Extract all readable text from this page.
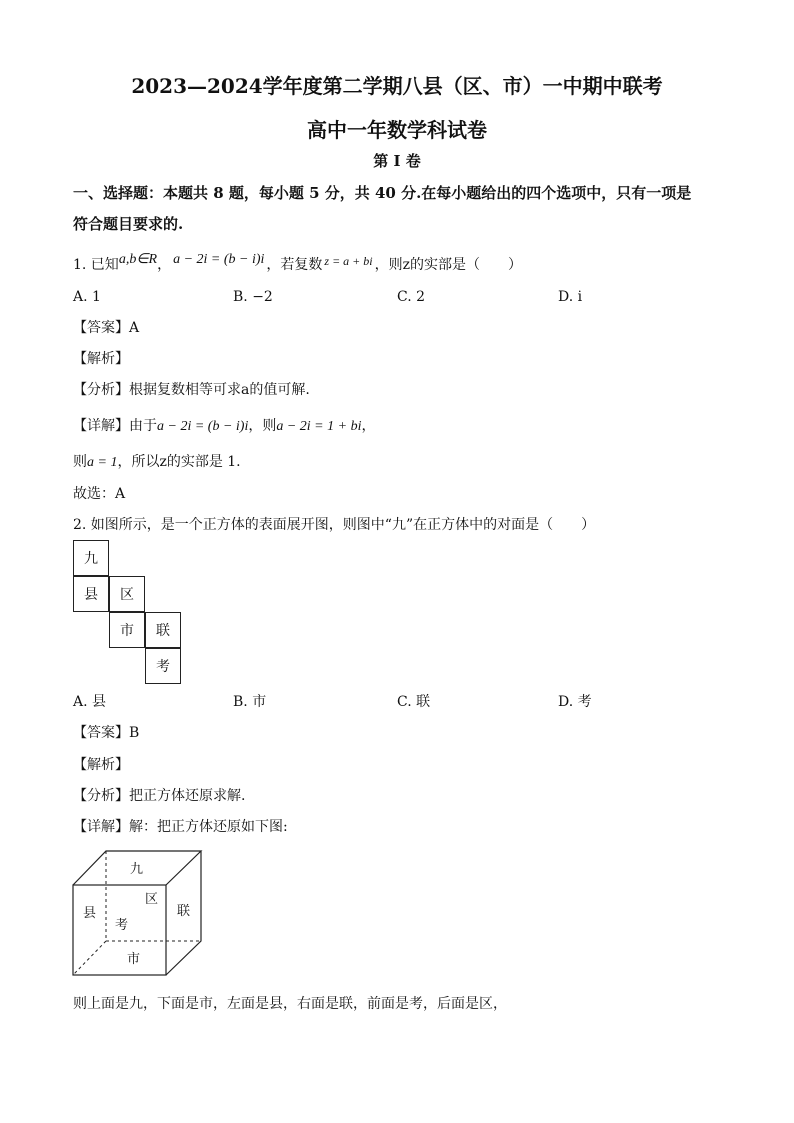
2023—2024学年度第二学期八县（区、市）一中期中联考
高中一年数学科试卷
第 I 卷
一、选择题：本题共 8 题，每小题 5 分，共 40 分.在每小题给出的四个选项中，只有一项是
符合题目要求的.
1. 已知a,b∈R， a − 2i = (b − i)i ，若复数 z = a + bi ，则z的实部是（　　）
A. 1	B. −2	C. 2	D. i
【答案】A
【解析】
【分析】根据复数相等可求a的值可解.
【详解】由于a − 2i = (b − i)i，则a − 2i = 1 + bi，
则a = 1，所以z的实部是 1.
故选：A
2. 如图所示，是一个正方体的表面展开图，则图中“九”在正方体中的对面是（　　）
九
县	区
市	联
考
A. 县	B. 市	C. 联	D. 考
【答案】B
【解析】
【分析】把正方体还原求解.
【详解】解：把正方体还原如下图:
九
区
县
考
联
市
则上面是九，下面是市，左面是县，右面是联，前面是考，后面是区，
